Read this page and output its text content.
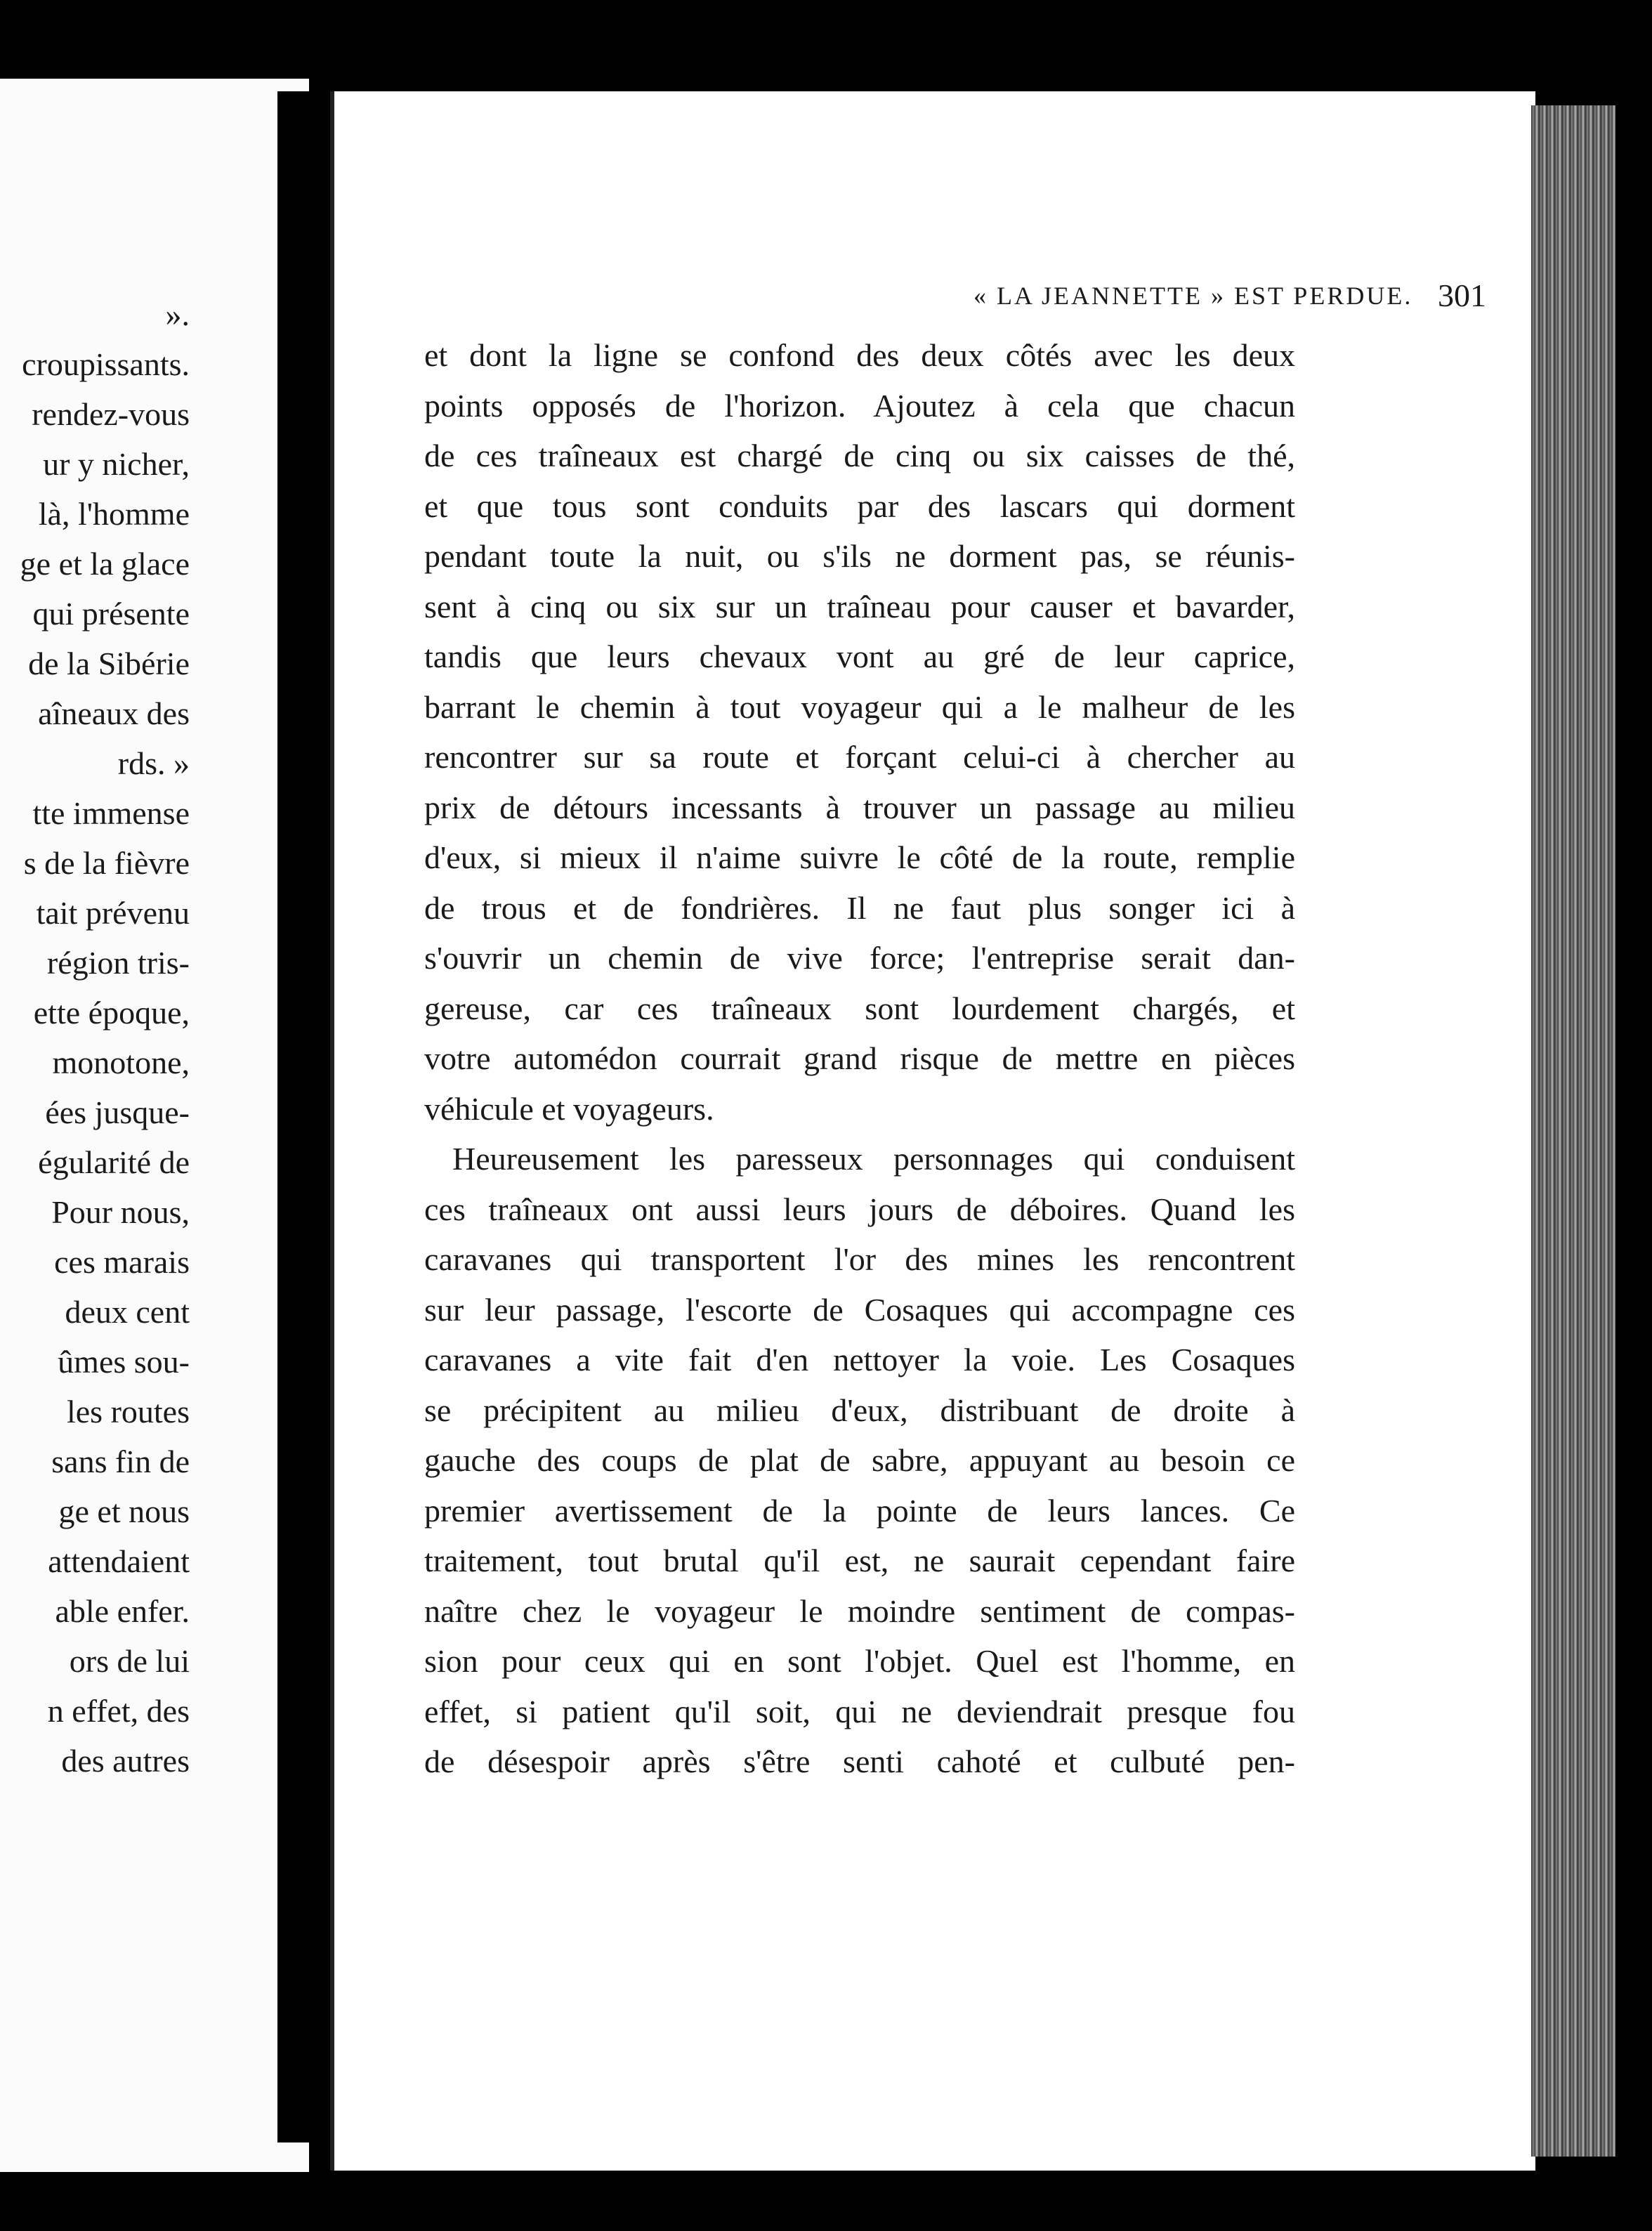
».
croupissants.
rendez-vous
ur y nicher,
là, l'homme
ge et la glace
qui présente
de la Sibérie
aîneaux des
rds. »
tte immense
s de la fièvre
tait prévenu
région tris-
ette époque,
monotone,
ées jusque-
égularité de
Pour nous,
ces marais
deux cent
ûmes sou-
les routes
sans fin de
ge et nous
attendaient
able enfer.
ors de lui
n effet, des
des autres
« LA JEANNETTE » EST PERDUE. 301
et dont la ligne se confond des deux côtés avec les deux
points opposés de l'horizon. Ajoutez à cela que chacun
de ces traîneaux est chargé de cinq ou six caisses de thé,
et que tous sont conduits par des lascars qui dorment
pendant toute la nuit, ou s'ils ne dorment pas, se réunis-
sent à cinq ou six sur un traîneau pour causer et bavarder,
tandis que leurs chevaux vont au gré de leur caprice,
barrant le chemin à tout voyageur qui a le malheur de les
rencontrer sur sa route et forçant celui-ci à chercher au
prix de détours incessants à trouver un passage au milieu
d'eux, si mieux il n'aime suivre le côté de la route, remplie
de trous et de fondrières. Il ne faut plus songer ici à
s'ouvrir un chemin de vive force; l'entreprise serait dan-
gereuse, car ces traîneaux sont lourdement chargés, et
votre automédon courrait grand risque de mettre en pièces
véhicule et voyageurs.
Heureusement les paresseux personnages qui conduisent
ces traîneaux ont aussi leurs jours de déboires. Quand les
caravanes qui transportent l'or des mines les rencontrent
sur leur passage, l'escorte de Cosaques qui accompagne ces
caravanes a vite fait d'en nettoyer la voie. Les Cosaques
se précipitent au milieu d'eux, distribuant de droite à
gauche des coups de plat de sabre, appuyant au besoin ce
premier avertissement de la pointe de leurs lances. Ce
traitement, tout brutal qu'il est, ne saurait cependant faire
naître chez le voyageur le moindre sentiment de compas-
sion pour ceux qui en sont l'objet. Quel est l'homme, en
effet, si patient qu'il soit, qui ne deviendrait presque fou
de désespoir après s'être senti cahoté et culbuté pen-
